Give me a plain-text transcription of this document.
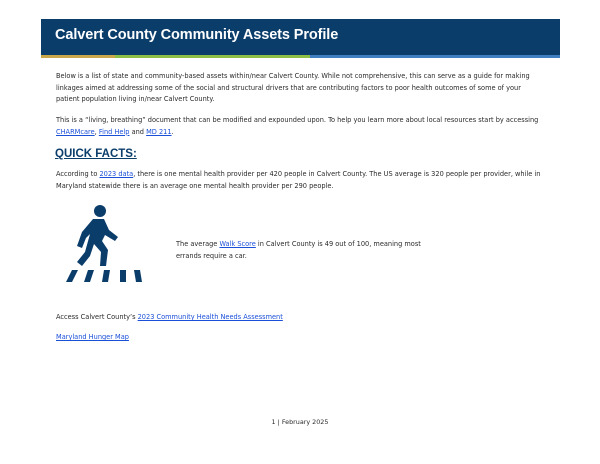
Calvert County Community Assets Profile

Below is a list of state and community-based assets within/near Calvert County. While not comprehensive, this can serve as a guide for making linkages aimed at addressing some of the social and structural drivers that are contributing factors to poor health outcomes of some of your patient population living in/near Calvert County.

This is a “living, breathing” document that can be modified and expounded upon. To help you learn more about local resources start by accessing CHARMcare, Find Help and MD 211.

QUICK FACTS:

According to 2023 data, there is one mental health provider per 420 people in Calvert County. The US average is 320 people per provider, while in Maryland statewide there is an average one mental health provider per 290 people.

The average Walk Score in Calvert County is 49 out of 100, meaning most errands require a car.

Access Calvert County’s 2023 Community Health Needs Assessment
Maryland Hunger Map
1 | February 2025
